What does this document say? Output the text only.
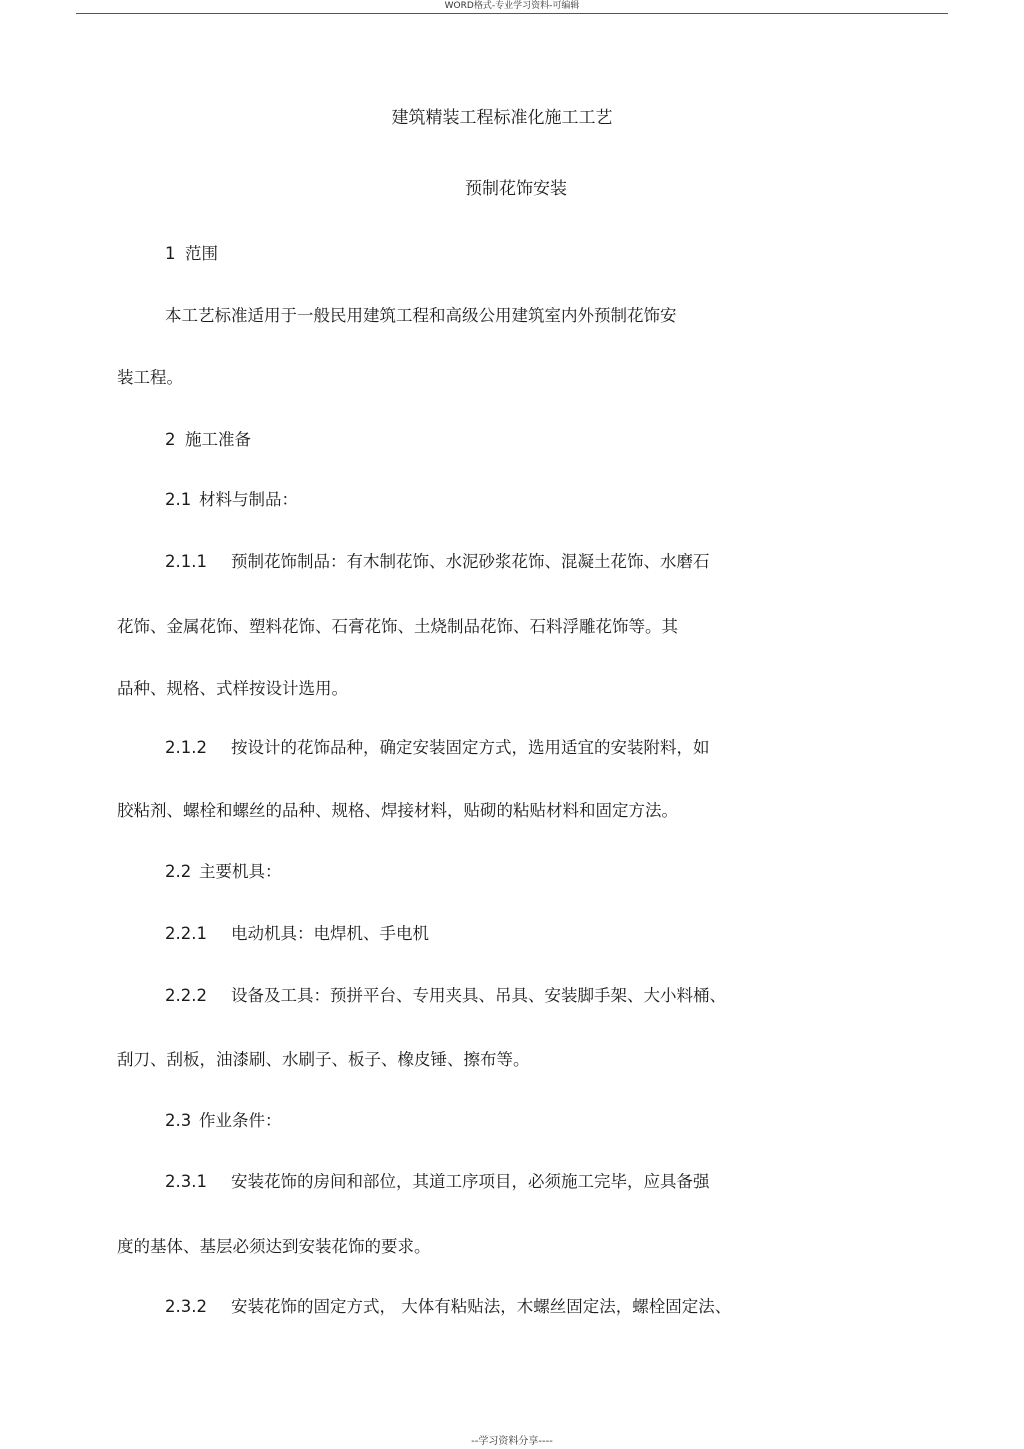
WORD格式-专业学习资料-可编辑
建筑精装工程标准化施工工艺
预制花饰安装
1 范围
本工艺标准适用于一般民用建筑工程和高级公用建筑室内外预制花饰安
装工程。
2 施工准备
2.1 材料与制品：
2.1.1 预制花饰制品：有木制花饰、水泥砂浆花饰、混凝土花饰、水磨石
花饰、金属花饰、塑料花饰、石膏花饰、土烧制品花饰、石料浮雕花饰等。其
品种、规格、式样按设计选用。
2.1.2 按设计的花饰品种，确定安装固定方式，选用适宜的安装附料，如
胶粘剂、螺栓和螺丝的品种、规格、焊接材料，贴砌的粘贴材料和固定方法。
2.2 主要机具：
2.2.1 电动机具：电焊机、手电机
2.2.2 设备及工具：预拼平台、专用夹具、吊具、安装脚手架、大小料桶、
刮刀、刮板，油漆刷、水刷子、板子、橡皮锤、擦布等。
2.3 作业条件：
2.3.1 安装花饰的房间和部位，其道工序项目，必须施工完毕，应具备强
度的基体、基层必须达到安装花饰的要求。
2.3.2 安装花饰的固定方式， 大体有粘贴法，木螺丝固定法，螺栓固定法、
--学习资料分享----
